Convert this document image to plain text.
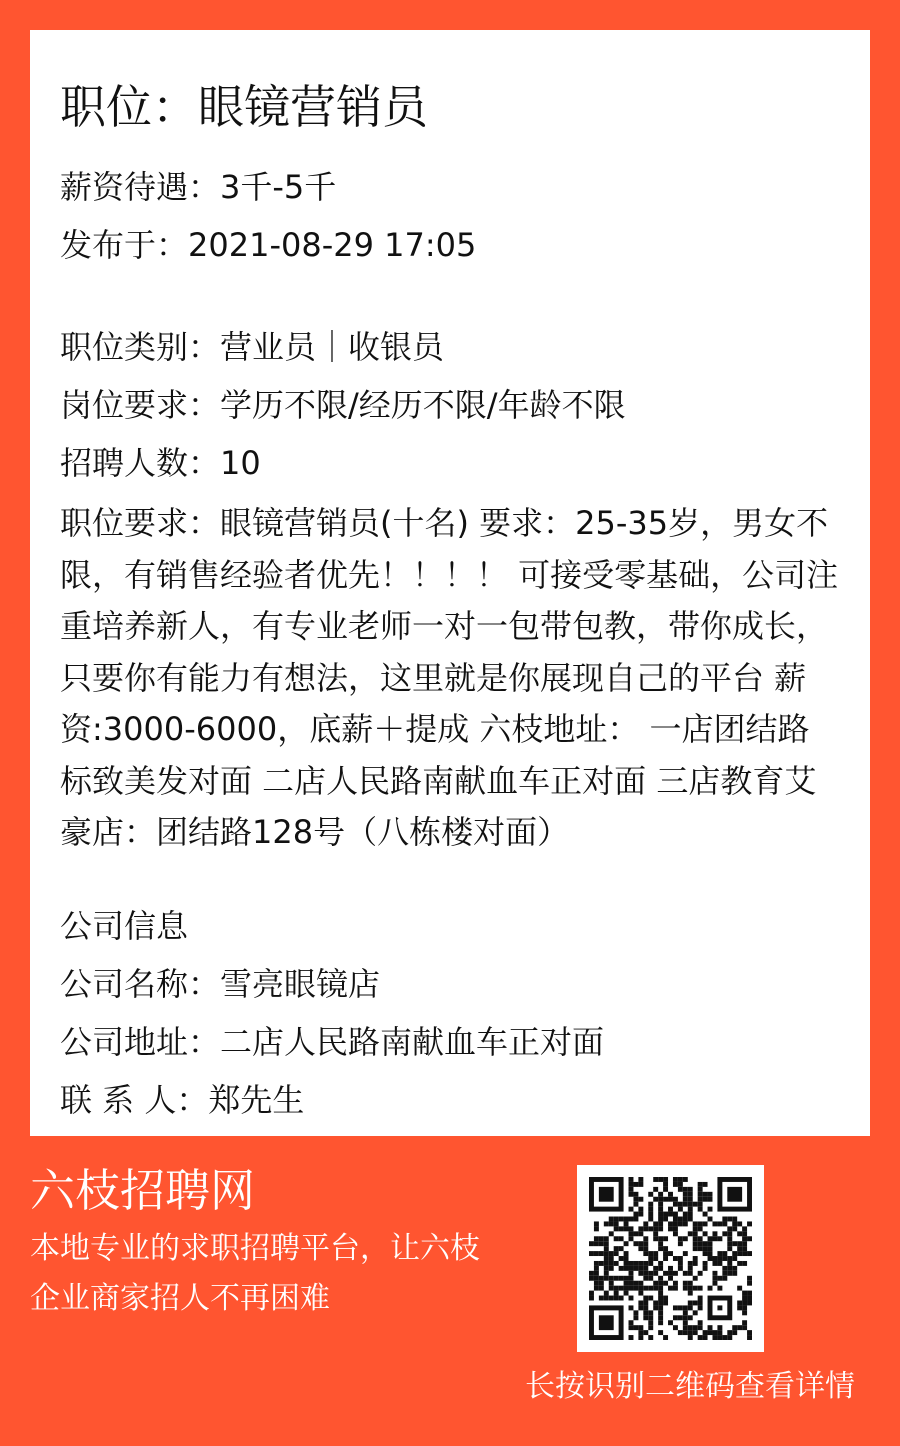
职位：眼镜营销员
薪资待遇：3千-5千
发布于：2021-08-29 17:05
职位类别：营业员｜收银员
岗位要求：学历不限/经历不限/年龄不限
招聘人数：10
职位要求：眼镜营销员(十名) 要求：25-35岁，男女不限，有销售经验者优先！！！！ 可接受零基础，公司注重培养新人，有专业老师一对一包带包教，带你成长，只要你有能力有想法，这里就是你展现自己的平台 薪资:3000-6000，底薪＋提成 六枝地址： 一店团结路标致美发对面 二店人民路南献血车正对面 三店教育艾豪店：团结路128号（八栋楼对面）
公司信息
公司名称：雪亮眼镜店
公司地址：二店人民路南献血车正对面
联 系 人：郑先生
六枝招聘网
本地专业的求职招聘平台，让六枝企业商家招人不再困难
长按识别二维码查看详情
